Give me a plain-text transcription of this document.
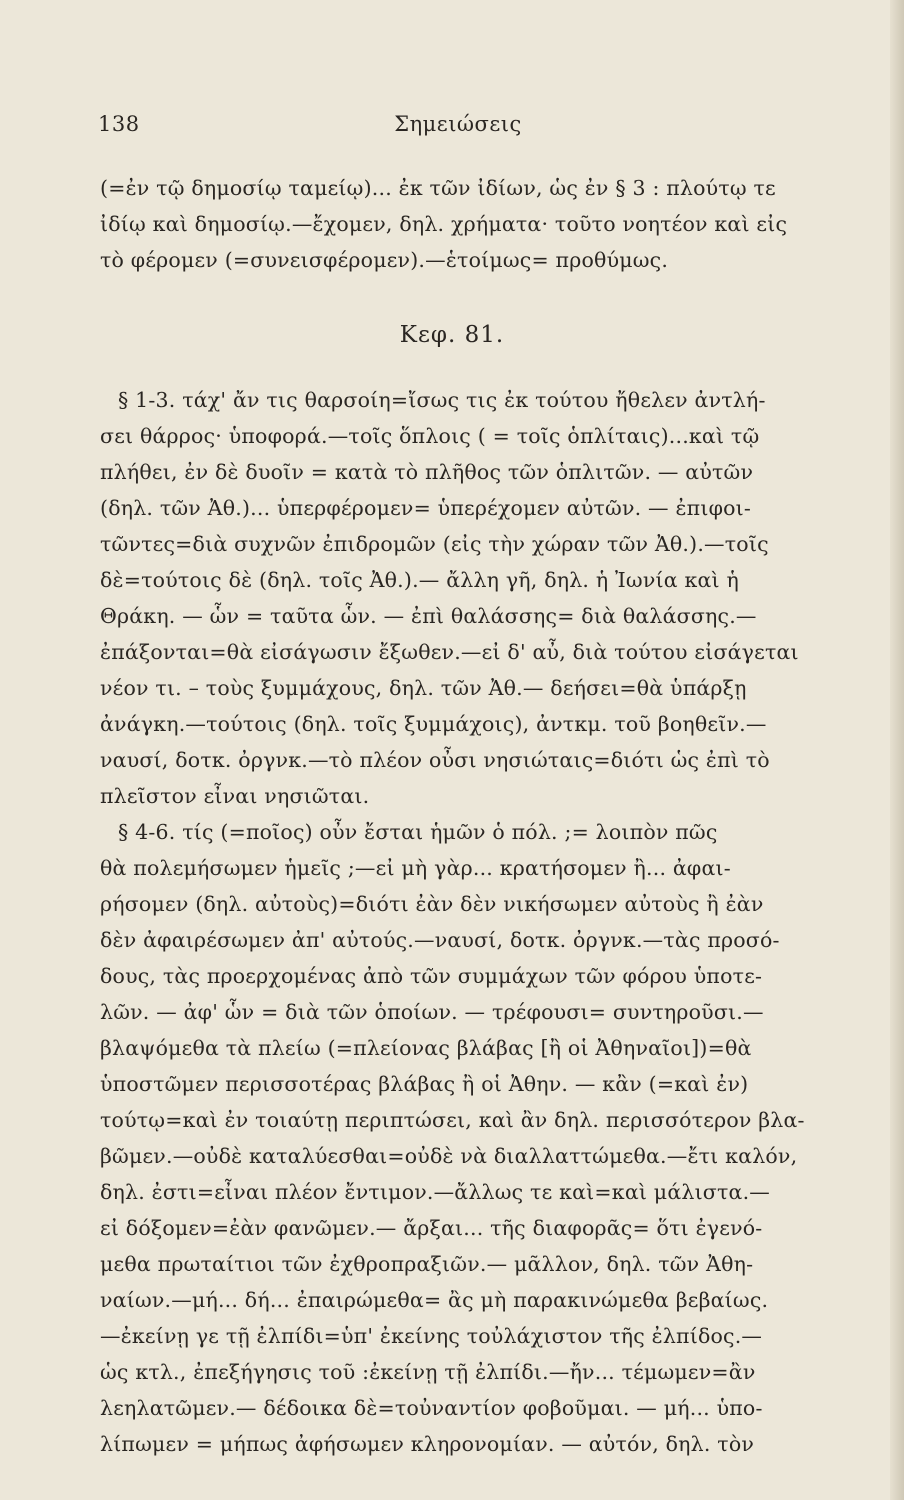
138	Σημειώσεις
Κεφ. 81.
(=ἐν τῷ δημοσίῳ ταμείῳ)... ἐκ τῶν ἰδίων, ὡς ἐν § 3 : πλούτῳ τε
ἰδίῳ καὶ δημοσίῳ.—ἔχομεν, δηλ. χρήματα· τοῦτο νοητέον καὶ εἰς
τὸ φέρομεν (=συνεισφέρομεν).—ἑτοίμως= προθύμως.
§ 1-3. τάχ' ἄν τις θαρσοίη=ἴσως τις ἐκ τούτου ἤθελεν ἀντλή-
σει θάρρος· ὑποφορά.—τοῖς ὅπλοις ( = τοῖς ὁπλίταις)...καὶ τῷ
πλήθει, ἐν δὲ δυοῖν = κατὰ τὸ πλῆθος τῶν ὁπλιτῶν. — αὐτῶν
(δηλ. τῶν Ἀθ.)... ὑπερφέρομεν= ὑπερέχομεν αὐτῶν. — ἐπιφοι-
τῶντες=διὰ συχνῶν ἐπιδρομῶν (εἰς τὴν χώραν τῶν Ἀθ.).—τοῖς
δὲ=τούτοις δὲ (δηλ. τοῖς Ἀθ.).— ἄλλη γῆ, δηλ. ἡ Ἰωνία καὶ ἡ
Θράκη. — ὧν = ταῦτα ὧν. — ἐπὶ θαλάσσης= διὰ θαλάσσης.—
ἐπάξονται=θὰ εἰσάγωσιν ἔξωθεν.—εἰ δ' αὖ, διὰ τούτου εἰσάγεται
νέον τι. – τοὺς ξυμμάχους, δηλ. τῶν Ἀθ.— δεήσει=θὰ ὑπάρξῃ
ἀνάγκη.—τούτοις (δηλ. τοῖς ξυμμάχοις), ἀντκμ. τοῦ βοηθεῖν.—
ναυσί, δοτκ. ὀργνκ.—τὸ πλέον οὖσι νησιώταις=διότι ὡς ἐπὶ τὸ
πλεῖστον εἶναι νησιῶται.
§ 4-6. τίς (=ποῖος) οὖν ἔσται ἡμῶν ὁ πόλ. ;= λοιπὸν πῶς
θὰ πολεμήσωμεν ἡμεῖς ;—εἰ μὴ γὰρ... κρατήσομεν ἢ... ἀφαι-
ρήσομεν (δηλ. αὐτοὺς)=διότι ἐὰν δὲν νικήσωμεν αὐτοὺς ἢ ἐὰν
δὲν ἀφαιρέσωμεν ἀπ' αὐτούς.—ναυσί, δοτκ. ὀργνκ.—τὰς προσό-
δους, τὰς προερχομένας ἀπὸ τῶν συμμάχων τῶν φόρου ὑποτε-
λῶν. — ἀφ' ὧν = διὰ τῶν ὁποίων. — τρέφουσι= συντηροῦσι.—
βλαψόμεθα τὰ πλείω (=πλείονας βλάβας [ἢ οἱ Ἀθηναῖοι])=θὰ
ὑποστῶμεν περισσοτέρας βλάβας ἢ οἱ Ἀθην. — κἂν (=καὶ ἐν)
τούτῳ=καὶ ἐν τοιαύτῃ περιπτώσει, καὶ ἂν δηλ. περισσότερον βλα-
βῶμεν.—οὐδὲ καταλύεσθαι=οὐδὲ νὰ διαλλαττώμεθα.—ἔτι καλόν,
δηλ. ἐστι=εἶναι πλέον ἔντιμον.—ἄλλως τε καὶ=καὶ μάλιστα.—
εἰ δόξομεν=ἐὰν φανῶμεν.— ἄρξαι... τῆς διαφορᾶς= ὅτι ἐγενό-
μεθα πρωταίτιοι τῶν ἐχθροπραξιῶν.— μᾶλλον, δηλ. τῶν Ἀθη-
ναίων.—μή... δή... ἐπαιρώμεθα= ἂς μὴ παρακινώμεθα βεβαίως.
—ἐκείνῃ γε τῇ ἐλπίδι=ὑπ' ἐκείνης τοὐλάχιστον τῆς ἐλπίδος.—
ὡς κτλ., ἐπεξήγησις τοῦ :ἐκείνῃ τῇ ἐλπίδι.—ἤν... τέμωμεν=ἂν
λεηλατῶμεν.— δέδοικα δὲ=τοὐναντίον φοβοῦμαι. — μή... ὑπο-
λίπωμεν = μήπως ἀφήσωμεν κληρονομίαν. — αὐτόν, δηλ. τὸν
